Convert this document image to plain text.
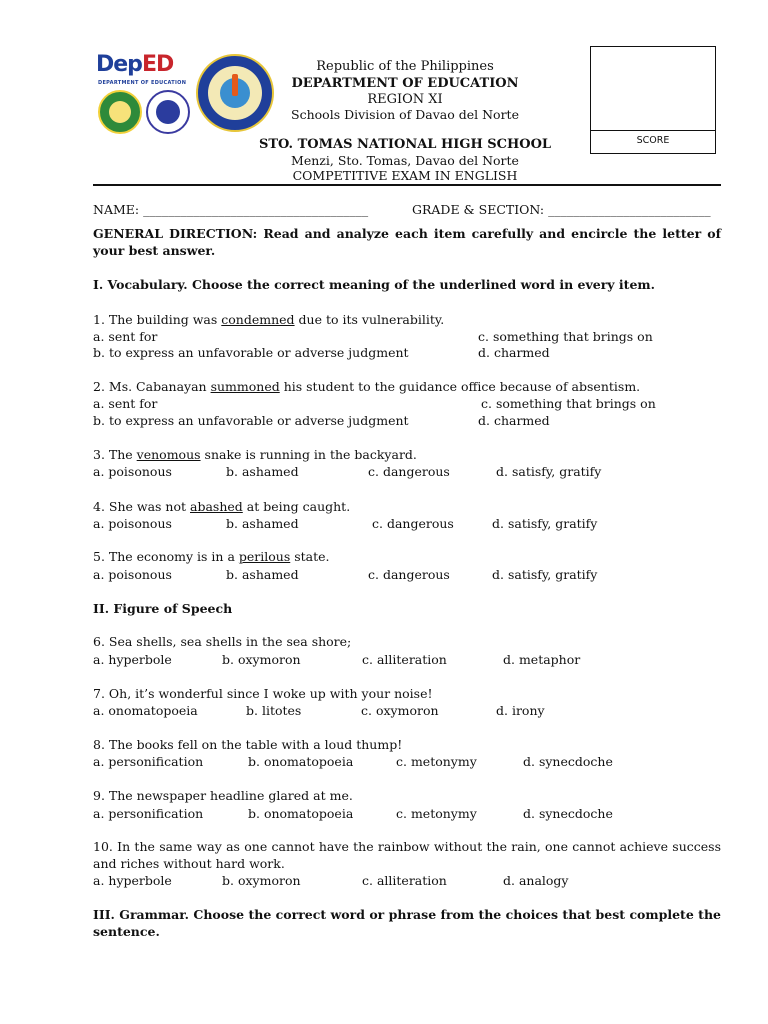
DepED
DEPARTMENT OF EDUCATION
Republic of the Philippines
DEPARTMENT OF EDUCATION
REGION XI
Schools Division of Davao del Norte
STO. TOMAS NATIONAL HIGH SCHOOL
Menzi, Sto. Tomas, Davao del Norte
COMPETITIVE EXAM IN ENGLISH
SCORE
NAME: ____________________________________	GRADE & SECTION: __________________________
GENERAL DIRECTION: Read and analyze each item carefully and encircle the letter of your best answer.
I. Vocabulary. Choose the correct meaning of the underlined word in every item.
1. The building was condemned due to its vulnerability.
a. sent for	c. something that brings on
b. to express an unfavorable or adverse judgment	d. charmed
2. Ms. Cabanayan summoned his student to the guidance office because of absentism.
a. sent for	c. something that brings on
b. to express an unfavorable or adverse judgment	d. charmed
3. The venomous snake is running in the backyard.
a. poisonous	b. ashamed	c. dangerous	d. satisfy, gratify
4. She was not abashed at being caught.
a. poisonous	b. ashamed	c. dangerous	d. satisfy, gratify
5. The economy is in a perilous state.
a. poisonous	b. ashamed	c. dangerous	d. satisfy, gratify
II. Figure of Speech
6. Sea shells, sea shells in the sea shore;
a. hyperbole	b. oxymoron	c. alliteration	d. metaphor
7. Oh, it’s wonderful since I woke up with your noise!
a. onomatopoeia	b. litotes	c. oxymoron	d. irony
8. The books fell on the table with a loud thump!
a. personification	b. onomatopoeia	c. metonymy	d. synecdoche
9. The newspaper headline glared at me.
a. personification	b. onomatopoeia	c. metonymy	d. synecdoche
10. In the same way as one cannot have the rainbow without the rain, one cannot achieve success and riches without hard work.
a. hyperbole	b. oxymoron	c. alliteration	d. analogy
III. Grammar. Choose the correct word or phrase from the choices that best complete the sentence.
